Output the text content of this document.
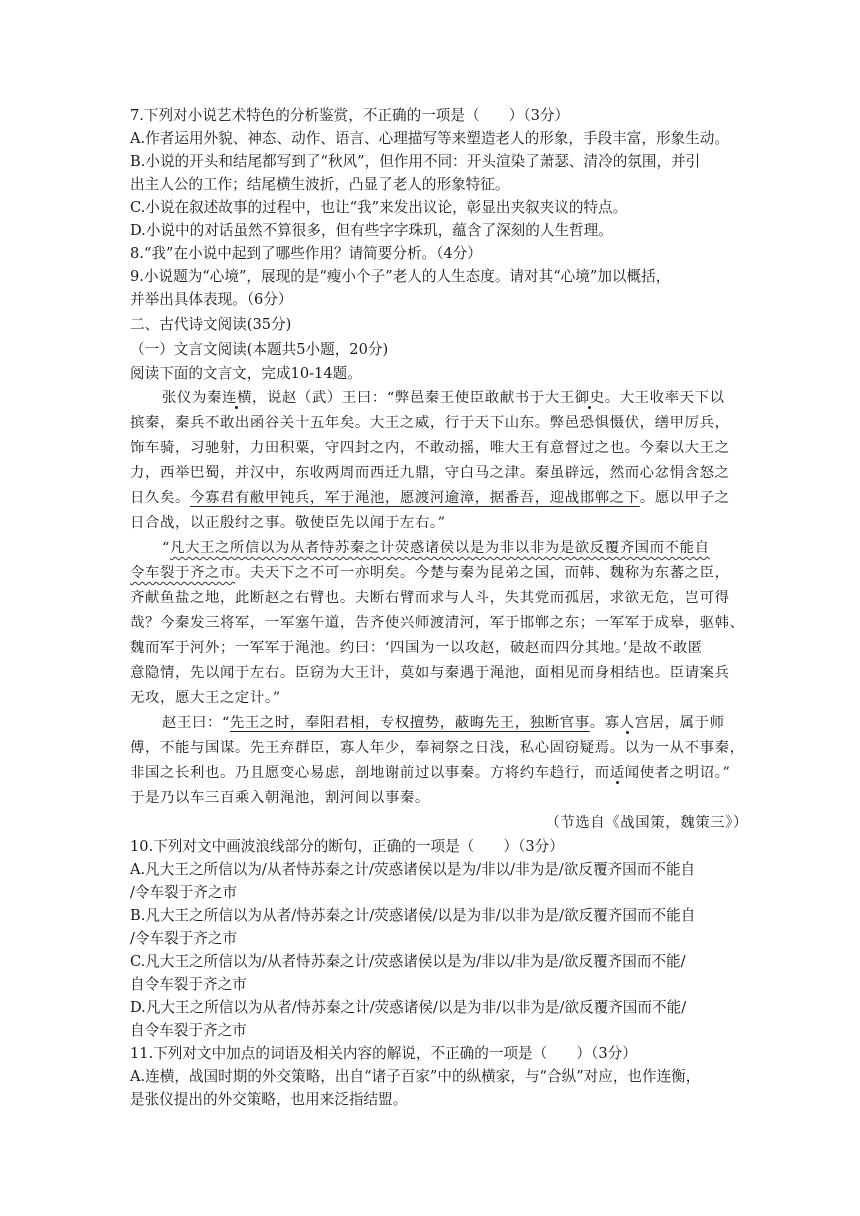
7.下列对小说艺术特色的分析鉴赏，不正确的一项是（　　）（3分）
A.作者运用外貌、神态、动作、语言、心理描写等来塑造老人的形象，手段丰富，形象生动。
B.小说的开头和结尾都写到了“秋风”，但作用不同：开头渲染了萧瑟、清冷的氛围，并引
出主人公的工作；结尾横生波折，凸显了老人的形象特征。
C.小说在叙述故事的过程中，也让“我”来发出议论，彰显出夹叙夹议的特点。
D.小说中的对话虽然不算很多，但有些字字珠玑，蕴含了深刻的人生哲理。
8.“我”在小说中起到了哪些作用？请简要分析。（4分）
9.小说题为“心境”，展现的是“瘦小个子”老人的人生态度。请对其“心境”加以概括，
并举出具体表现。（6分）
二、古代诗文阅读(35分)
（一）文言文阅读(本题共5小题，20分)
阅读下面的文言文，完成10-14题。
张仪为秦连横，说赵（武）王曰：“弊邑秦王使臣敢献书于大王御史。大王收率天下以
摈秦，秦兵不敢出函谷关十五年矣。大王之威，行于天下山东。弊邑恐惧慑伏，缮甲厉兵，
饰车骑，习驰射，力田积粟，守四封之内，不敢动摇，唯大王有意督过之也。今秦以大王之
力，西举巴蜀，并汉中，东收两周而西迁九鼎，守白马之津。秦虽辟远，然而心忿悁含怒之
日久矣。今寡君有敝甲钝兵，军于渑池，愿渡河逾漳，据番吾，迎战邯郸之下。愿以甲子之
日合战，以正殷纣之事。敬使臣先以闻于左右。”
“凡大王之所信以为从者恃苏秦之计荧惑诸侯以是为非以非为是欲反覆齐国而不能自
令车裂于齐之市。夫天下之不可一亦明矣。今楚与秦为昆弟之国，而韩、魏称为东蕃之臣，
齐献鱼盐之地，此断赵之右臂也。夫断右臂而求与人斗，失其党而孤居，求欲无危，岂可得
哉？今秦发三将军，一军塞午道，告齐使兴师渡清河，军于邯郸之东；一军军于成皋，驱韩、
魏而军于河外；一军军于渑池。约曰：‘四国为一以攻赵，破赵而四分其地。’是故不敢匿
意隐情，先以闻于左右。臣窃为大王计，莫如与秦遇于渑池，面相见而身相结也。臣请案兵
无攻，愿大王之定计。”
赵王曰：“先王之时，奉阳君相，专权擅势，蔽晦先王，独断官事。寡人宫居，属于师
傅，不能与国谋。先王弃群臣，寡人年少，奉祠祭之日浅，私心固窃疑焉。以为一从不事秦，
非国之长利也。乃且愿变心易虑，剖地谢前过以事秦。方将约车趋行，而适闻使者之明诏。”
于是乃以车三百乘入朝渑池，割河间以事秦。
（节选自《战国策，魏策三》）
10.下列对文中画波浪线部分的断句，正确的一项是（　　）（3分）
A.凡大王之所信以为/从者恃苏秦之计/荧惑诸侯以是为/非以/非为是/欲反覆齐国而不能自
/令车裂于齐之市
B.凡大王之所信以为从者/恃苏秦之计/荧惑诸侯/以是为非/以非为是/欲反覆齐国而不能自
/令车裂于齐之市
C.凡大王之所信以为/从者恃苏秦之计/荧惑诸侯以是为/非以/非为是/欲反覆齐国而不能/
自令车裂于齐之市
D.凡大王之所信以为从者/恃苏秦之计/荧惑诸侯/以是为非/以非为是/欲反覆齐国而不能/
自令车裂于齐之市
11.下列对文中加点的词语及相关内容的解说，不正确的一项是（　　）（3分）
A.连横，战国时期的外交策略，出自“诸子百家”中的纵横家，与“合纵”对应，也作连衡，
是张仪提出的外交策略，也用来泛指结盟。
